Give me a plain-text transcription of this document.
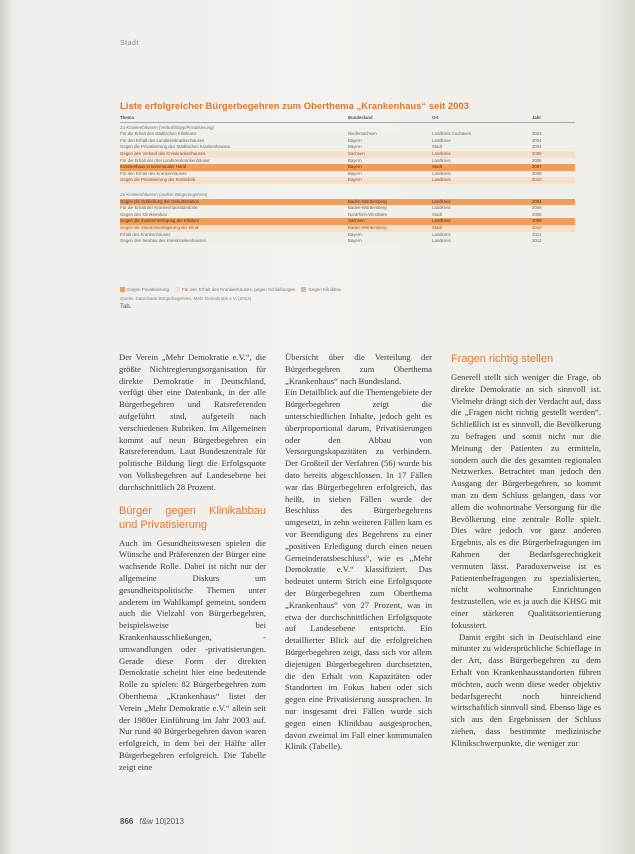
Stadt
Liste erfolgreicher Bürgerbegehren zum Oberthema „Krankenhaus“ seit 2003
Thema	Bundesland	Ort	Jahr
Zu Krankenhäusern (Verbot/Stopp/Privatisierung)
Für die Erhalt des städtischen Klinikums	Niedersachsen	Landkreis Cuxhaven	2003
Für den Erhalt des Landkreiskrankenhauses	Bayern	Landkreis	2004
Gegen die Privatisierung des Städtischen Krankenhauses	Bayern	Stadt	2004
Gegen den Verkauf des Kreiskrankenhauses	Sachsen	Landkreis	2005
Für die Erhalt der drei Landkreiskrankenhäuser	Bayern	Landkreis	2006
Krankenhaus in kommunaler Hand	Bayern	Stadt	2007
Für den Erhalt des Krankenhauses	Bayern	Landkreis	2008
Gegen die Privatisierung der Kreisklinik	Bayern	Landkreis	2010
Zu Krankenhäusern (andere Bürgerbegehren)
Gegen die Schließung der Geburtsstation	Baden-Württemberg	Landkreis	2004
Für die Erhalt der Krankenhausstandorte	Baden-Württemberg	Landkreis	2006
Gegen den Klinikneubau	Nordrhein-Westfalen	Stadt	2008
Gegen die Zusammenlegung der Kliniken	Sachsen	Landkreis	2009
Gegen die Standortverlagerung der Klinik	Baden-Württemberg	Stadt	2010
Erhalt des Krankenhauses	Bayern	Landkreis	2011
Gegen den Neubau des Kreiskrankenhauses	Bayern	Landkreis	2012
Gegen Privatisierung	Für den Erhalt des Krankenhauses, gegen Schließungen	Gegen Klinikbau
Quelle: Datenbank Bürgerbegehren, Mehr Demokratie e.V. (2013)
Tab.

Der Verein „Mehr Demokratie e.V.“, die größte Nichtregierungsorganisation für direkte Demokratie in Deutschland, verfügt über eine Datenbank, in der alle Bürgerbegehren und Ratsreferenden aufgeführt sind, aufgeteilt nach verschiedenen Rubriken. Im Allgemeinen kommt auf neun Bürgerbegehren ein Ratsreferendum. Laut Bundeszentrale für politische Bildung liegt die Erfolgsquote von Volksbegehren auf Landesebene bei durchschnittlich 28 Prozent.

Bürger gegen Klinikabbau und Privatisierung

Auch im Gesundheitswesen spielen die Wünsche und Präferenzen der Bürger eine wachsende Rolle. Dabei ist nicht nur der allgemeine Diskurs um gesundheitspolitische Themen unter anderem im Wahlkampf gemeint, sondern auch die Vielzahl von Bürgerbegehren, beispielsweise bei Krankenhausschließungen, -umwandlungen oder -privatisierungen. Gerade diese Form der direkten Demokratie scheint hier eine bedeutende Rolle zu spielen: 82 Bürgerbegehren zum Oberthema „Krankenhaus“ listet der Verein „Mehr Demokratie e.V.“ allein seit der 1980er Einführung im Jahr 2003 auf. Nur rund 40 Bürgerbegehren davon waren erfolgreich, in dem bei der Hälfte aller Bürgerbegehren erfolgreich. Die Tabelle zeigt eine

Übersicht über die Verteilung der Bürgerbegehren zum Oberthema „Krankenhaus“ nach Bundesland.

Ein Detailblick auf die Themengebiete der Bürgerbegehren zeigt die unterschiedlichen Inhalte, jedoch geht es überproportional darum, Privatisierungen oder den Abbau von Versorgungskapazitäten zu verhindern. Der Großteil der Verfahren (56) wurde bis dato bereits abgeschlossen. In 17 Fällen war das Bürgerbegehren erfolgreich, das heißt, in sieben Fällen wurde der Beschluss des Bürgerbegehrens umgesetzt, in zehn weiteren Fällen kam es vor Beendigung des Begehrens zu einer „positiven Erledigung durch einen neuen Gemeinderatsbeschluss“, wie es „Mehr Demokratie e.V.“ klassifiziert. Das bedeutet unterm Strich eine Erfolgsquote der Bürgerbegehren zum Oberthema „Krankenhaus“ von 27 Prozent, was in etwa der durchschnittlichen Erfolgsquote auf Landesebene entspricht. Ein detaillierter Blick auf die erfolgreichen Bürgerbegehren zeigt, dass sich vor allem diejenigen Bürgerbegehren durchsetzten, die den Erhalt von Kapazitäten oder Standorten im Fokus haben oder sich gegen eine Privatisierung aussprachen. In nur insgesamt drei Fällen wurde sich gegen einen Klinikbau ausgesprochen, davon zweimal im Fall einer kommunalen Klinik (Tabelle).

Fragen richtig stellen

Generell stellt sich weniger die Frage, ob direkte Demokratie an sich sinnvoll ist. Vielmehr drängt sich der Verdacht auf, dass die „Fragen nicht richtig gestellt werden“. Schließlich ist es sinnvoll, die Bevölkerung zu befragen und somit nicht nur die Meinung der Patienten zu ermitteln, sondern auch die des gesamten regionalen Netzwerkes. Betrachtet man jedoch den Ausgang der Bürgerbegehren, so kommt man zu dem Schluss gelangen, dass vor allem die wohnortnahe Versorgung für die Bevölkerung eine zentrale Rolle spielt. Dies wäre jedoch vor ganz anderen Ergebnis, als es die Bürgerbefragungen im Rahmen der Bedarfsgerechtigkeit vermuten lässt. Paradoxerweise ist es Patientenbefragungen zu spezialisierten, nicht wohnortnahe Einrichtungen festzustellen, wie es ja auch die KHSG mit einer stärkeren Qualitätsorientierung fokussiert.

Damit ergibt sich in Deutschland eine mitunter zu widersprüchliche Schieflage in der Art, dass Bürgerbegehren zu dem Erhalt von Krankenhausstandorten führen möchten, auch wenn diese weder objektiv bedarfsgerecht noch hinreichend wirtschaftlich sinnvoll sind. Ebenso läge es sich aus den Ergebnissen der Schluss ziehen, dass bestimmte medizinische Klinikschwerpunkte, die weniger zur

866 f&w 10|2013
